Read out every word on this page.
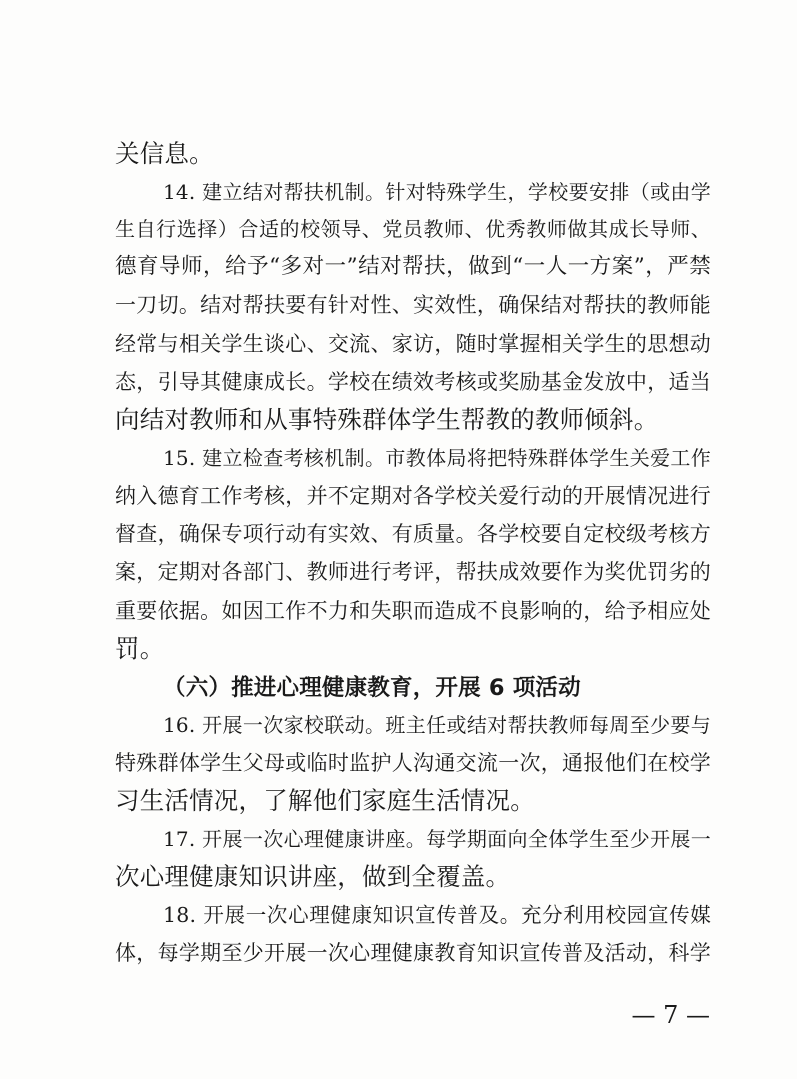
关信息。
14. 建立结对帮扶机制。针对特殊学生，学校要安排（或由学
生自行选择）合适的校领导、党员教师、优秀教师做其成长导师、
德育导师，给予“多对一”结对帮扶，做到“一人一方案”，严禁
一刀切。结对帮扶要有针对性、实效性，确保结对帮扶的教师能
经常与相关学生谈心、交流、家访，随时掌握相关学生的思想动
态，引导其健康成长。学校在绩效考核或奖励基金发放中，适当
向结对教师和从事特殊群体学生帮教的教师倾斜。
15. 建立检查考核机制。市教体局将把特殊群体学生关爱工作
纳入德育工作考核，并不定期对各学校关爱行动的开展情况进行
督查，确保专项行动有实效、有质量。各学校要自定校级考核方
案，定期对各部门、教师进行考评，帮扶成效要作为奖优罚劣的
重要依据。如因工作不力和失职而造成不良影响的，给予相应处
罚。
（六）推进心理健康教育，开展 6 项活动
16. 开展一次家校联动。班主任或结对帮扶教师每周至少要与
特殊群体学生父母或临时监护人沟通交流一次，通报他们在校学
习生活情况，了解他们家庭生活情况。
17. 开展一次心理健康讲座。每学期面向全体学生至少开展一
次心理健康知识讲座，做到全覆盖。
18. 开展一次心理健康知识宣传普及。充分利用校园宣传媒
体，每学期至少开展一次心理健康教育知识宣传普及活动，科学
— 7 —
